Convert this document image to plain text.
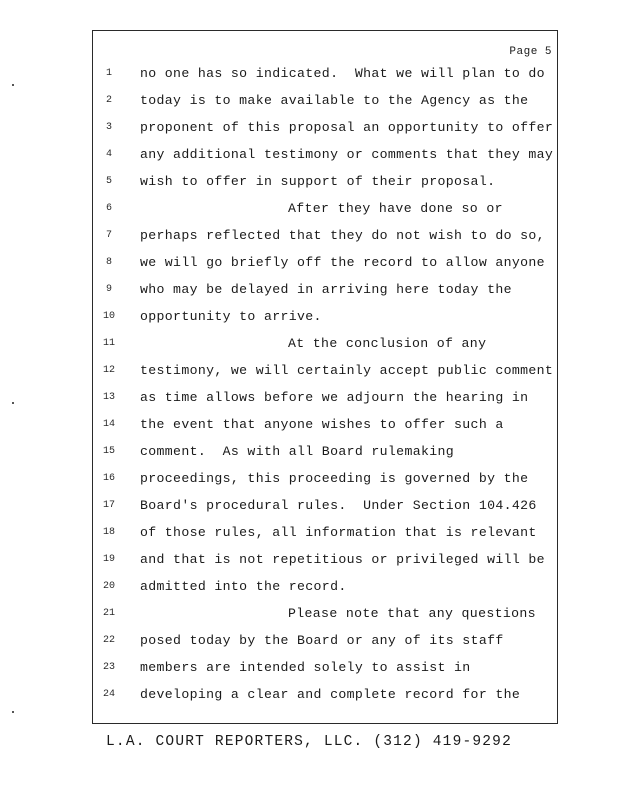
Page 5
1	no one has so indicated.  What we will plan to do
2	today is to make available to the Agency as the
3	proponent of this proposal an opportunity to offer
4	any additional testimony or comments that they may
5	wish to offer in support of their proposal.
6	After they have done so or
7	perhaps reflected that they do not wish to do so,
8	we will go briefly off the record to allow anyone
9	who may be delayed in arriving here today the
10	opportunity to arrive.
11	At the conclusion of any
12	testimony, we will certainly accept public comment
13	as time allows before we adjourn the hearing in
14	the event that anyone wishes to offer such a
15	comment.  As with all Board rulemaking
16	proceedings, this proceeding is governed by the
17	Board's procedural rules.  Under Section 104.426
18	of those rules, all information that is relevant
19	and that is not repetitious or privileged will be
20	admitted into the record.
21	Please note that any questions
22	posed today by the Board or any of its staff
23	members are intended solely to assist in
24	developing a clear and complete record for the
L.A. COURT REPORTERS, LLC. (312) 419-9292
